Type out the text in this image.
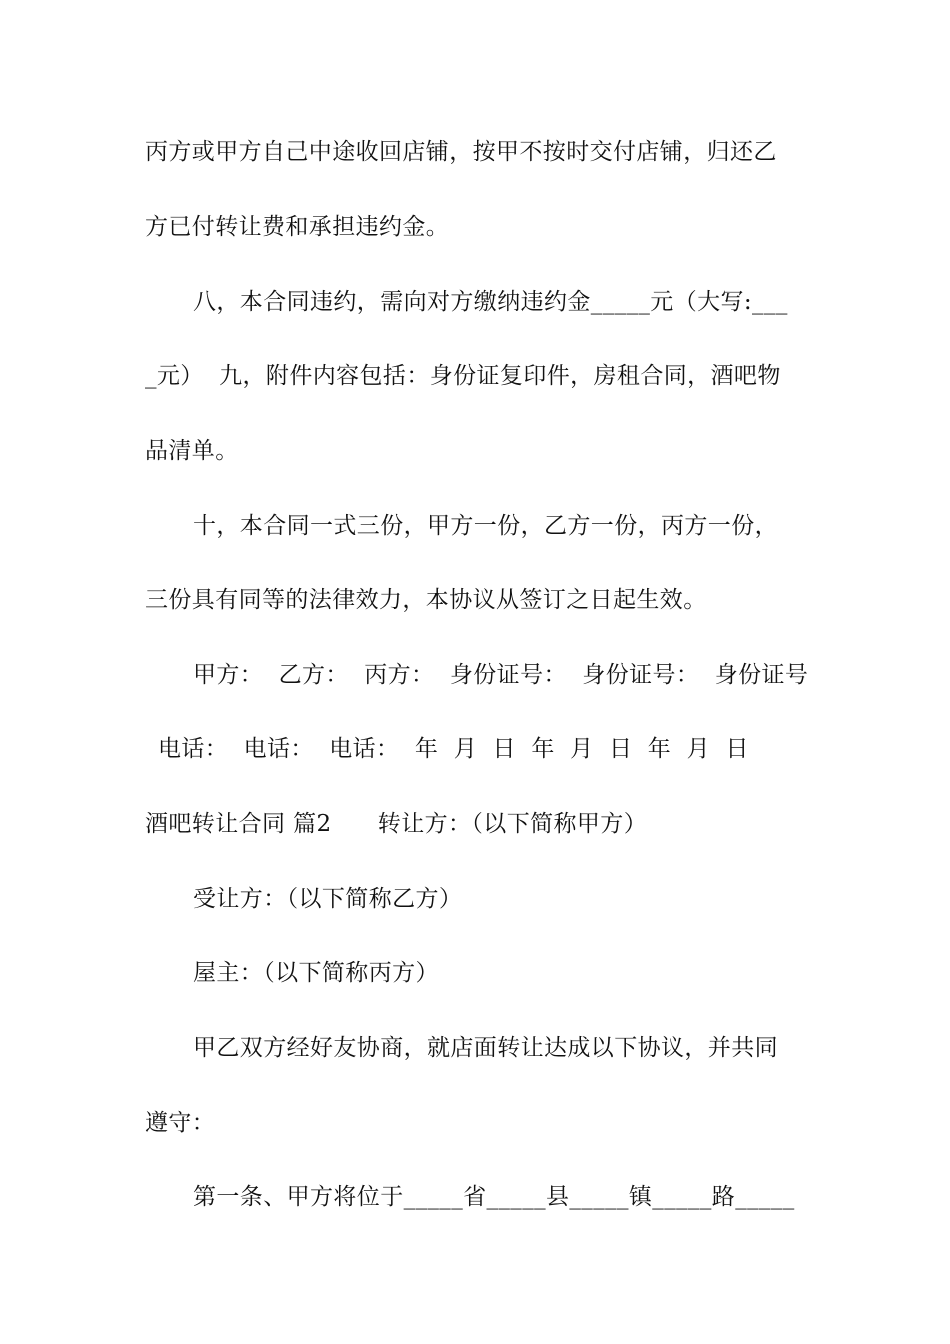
丙方或甲方自己中途收回店铺，按甲不按时交付店铺，归还乙
方已付转让费和承担违约金。
八，本合同违约，需向对方缴纳违约金_____元（大写:___
_元）  九，附件内容包括：身份证复印件，房租合同，酒吧物
品清单。
十，本合同一式三份，甲方一份，乙方一份，丙方一份，
三份具有同等的法律效力，本协议从签订之日起生效。
甲方：  乙方：  丙方：  身份证号：  身份证号：  身份证号
电话：  电话：  电话：  年  月  日  年  月  日  年  月  日
酒吧转让合同 篇2      转让方：（以下简称甲方）
受让方：（以下简称乙方）
屋主：（以下简称丙方）
甲乙双方经好友协商，就店面转让达成以下协议，并共同
遵守：
第一条、甲方将位于_____省_____县_____镇_____路_____
